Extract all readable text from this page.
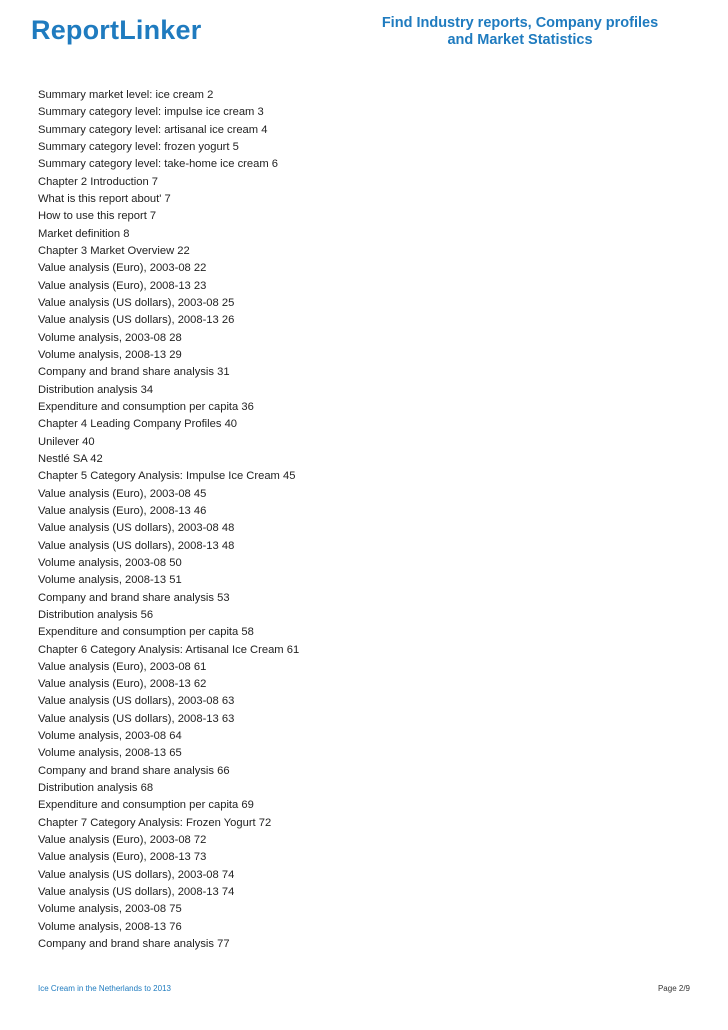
ReportLinker	Find Industry reports, Company profiles
and Market Statistics
Summary market level: ice cream 2
Summary category level: impulse ice cream 3
Summary category level: artisanal ice cream 4
Summary category level: frozen yogurt 5
Summary category level: take-home ice cream 6
Chapter 2 Introduction 7
What is this report about' 7
How to use this report 7
Market definition 8
Chapter 3 Market Overview 22
Value analysis (Euro), 2003-08 22
Value analysis (Euro), 2008-13 23
Value analysis (US dollars), 2003-08 25
Value analysis (US dollars), 2008-13 26
Volume analysis, 2003-08 28
Volume analysis, 2008-13 29
Company and brand share analysis 31
Distribution analysis 34
Expenditure and consumption per capita 36
Chapter 4 Leading Company Profiles 40
Unilever 40
Nestlé SA 42
Chapter 5 Category Analysis: Impulse Ice Cream 45
Value analysis (Euro), 2003-08 45
Value analysis (Euro), 2008-13 46
Value analysis (US dollars), 2003-08 48
Value analysis (US dollars), 2008-13 48
Volume analysis, 2003-08 50
Volume analysis, 2008-13 51
Company and brand share analysis 53
Distribution analysis 56
Expenditure and consumption per capita 58
Chapter 6 Category Analysis: Artisanal Ice Cream 61
Value analysis (Euro), 2003-08 61
Value analysis (Euro), 2008-13 62
Value analysis (US dollars), 2003-08 63
Value analysis (US dollars), 2008-13 63
Volume analysis, 2003-08 64
Volume analysis, 2008-13 65
Company and brand share analysis 66
Distribution analysis 68
Expenditure and consumption per capita 69
Chapter 7 Category Analysis: Frozen Yogurt 72
Value analysis (Euro), 2003-08 72
Value analysis (Euro), 2008-13 73
Value analysis (US dollars), 2003-08 74
Value analysis (US dollars), 2008-13 74
Volume analysis, 2003-08 75
Volume analysis, 2008-13 76
Company and brand share analysis 77
Ice Cream in the Netherlands to 2013	Page 2/9
